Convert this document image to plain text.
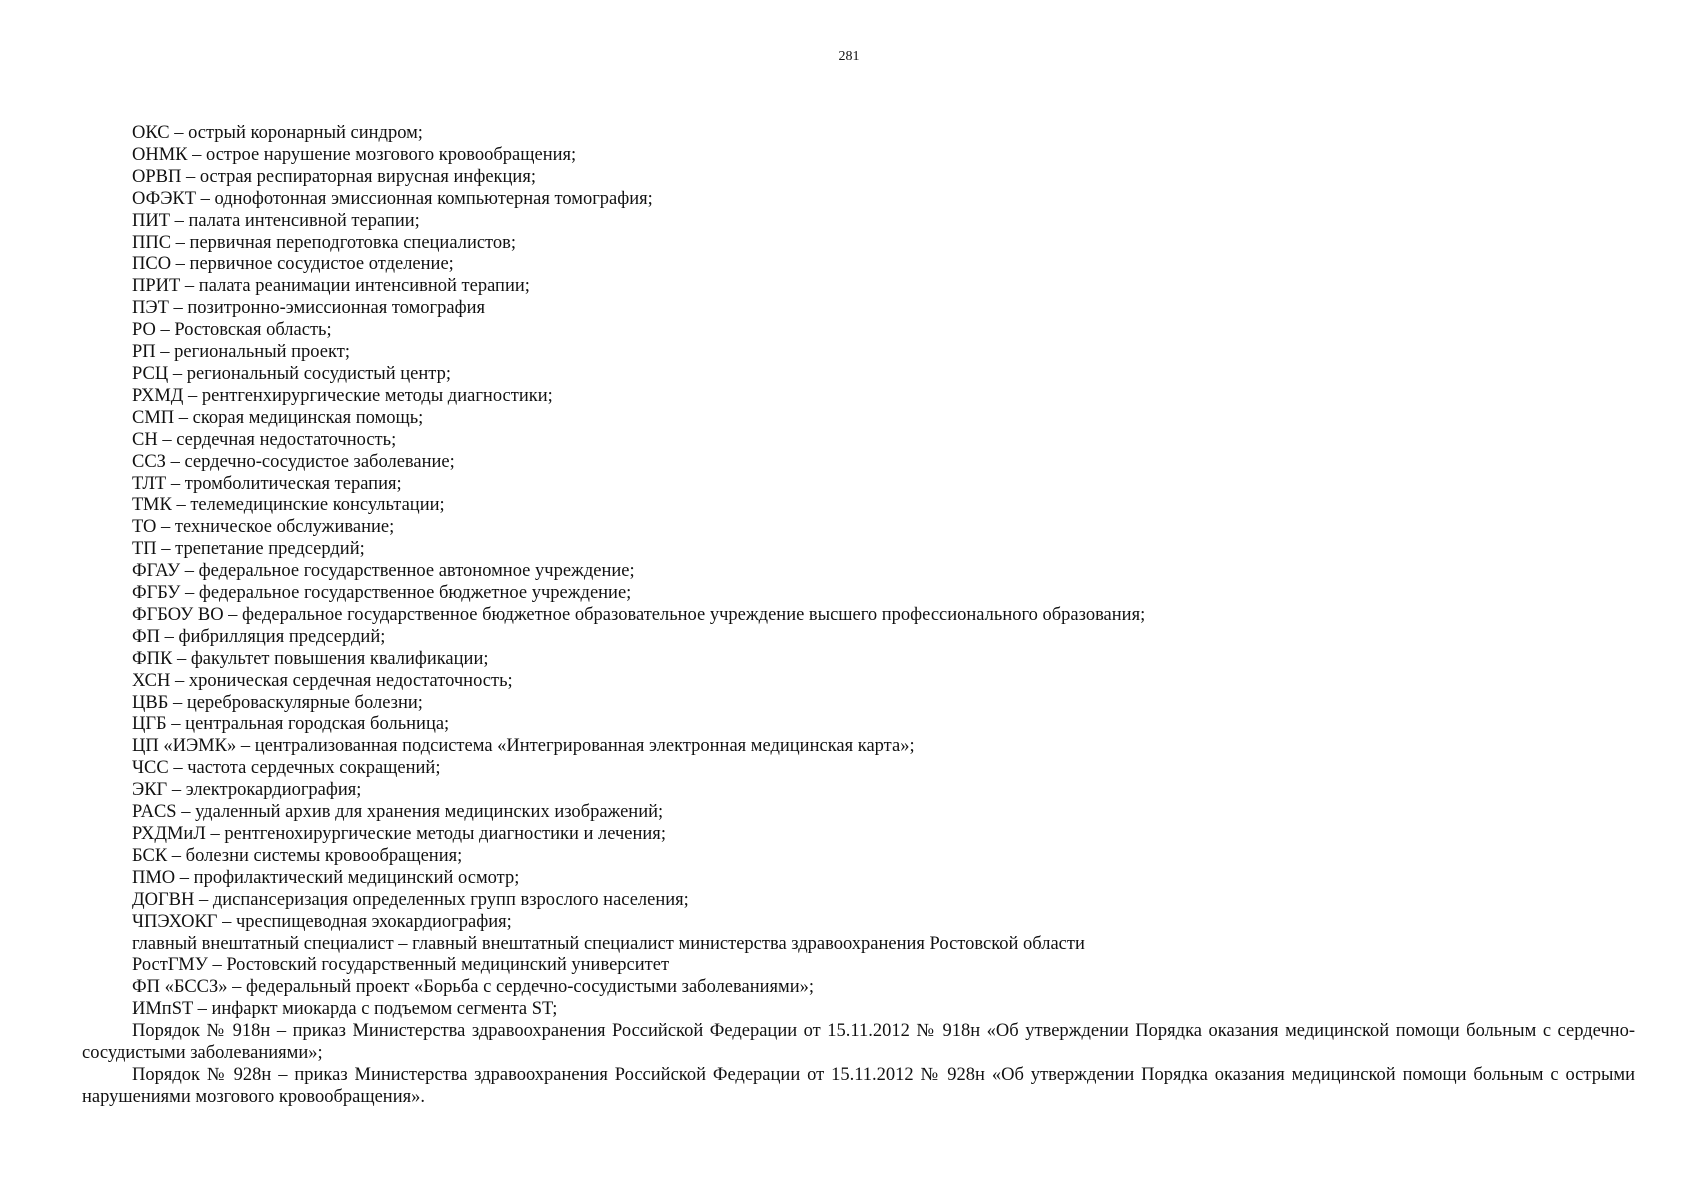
281
ОКС – острый коронарный синдром;
ОНМК – острое нарушение мозгового кровообращения;
ОРВП – острая респираторная вирусная инфекция;
ОФЭКТ – однофотонная эмиссионная компьютерная томография;
ПИТ – палата интенсивной терапии;
ППС – первичная переподготовка специалистов;
ПСО – первичное сосудистое отделение;
ПРИТ – палата реанимации интенсивной терапии;
ПЭТ – позитронно-эмиссионная томография
РО – Ростовская область;
РП – региональный проект;
РСЦ – региональный сосудистый центр;
РХМД – рентгенхирургические методы диагностики;
СМП – скорая медицинская помощь;
СН – сердечная недостаточность;
ССЗ – сердечно-сосудистое заболевание;
ТЛТ – тромболитическая терапия;
ТМК – телемедицинские консультации;
ТО – техническое обслуживание;
ТП – трепетание предсердий;
ФГАУ – федеральное государственное автономное учреждение;
ФГБУ – федеральное государственное бюджетное учреждение;
ФГБОУ ВО – федеральное государственное бюджетное образовательное учреждение высшего профессионального образования;
ФП – фибрилляция предсердий;
ФПК – факультет повышения квалификации;
ХСН – хроническая сердечная недостаточность;
ЦВБ – цереброваскулярные болезни;
ЦГБ – центральная городская больница;
ЦП «ИЭМК» – централизованная подсистема «Интегрированная электронная медицинская карта»;
ЧСС – частота сердечных сокращений;
ЭКГ – электрокардиография;
PACS – удаленный архив для хранения медицинских изображений;
РХДМиЛ – рентгенохирургические методы диагностики и лечения;
БСК – болезни системы кровообращения;
ПМО – профилактический медицинский осмотр;
ДОГВН – диспансеризация определенных групп взрослого населения;
ЧПЭХОКГ – чреспищеводная эхокардиография;
главный внештатный специалист – главный внештатный специалист министерства здравоохранения Ростовской области
РостГМУ – Ростовский государственный медицинский университет
ФП «БССЗ» – федеральный проект «Борьба с сердечно-сосудистыми заболеваниями»;
ИМпST – инфаркт миокарда с подъемом сегмента ST;
Порядок № 918н – приказ Министерства здравоохранения Российской Федерации от 15.11.2012 № 918н «Об утверждении Порядка оказания медицинской помощи больным с сердечно-сосудистыми заболеваниями»;
Порядок № 928н – приказ Министерства здравоохранения Российской Федерации от 15.11.2012 № 928н «Об утверждении Порядка оказания медицинской помощи больным с острыми нарушениями мозгового кровообращения».
